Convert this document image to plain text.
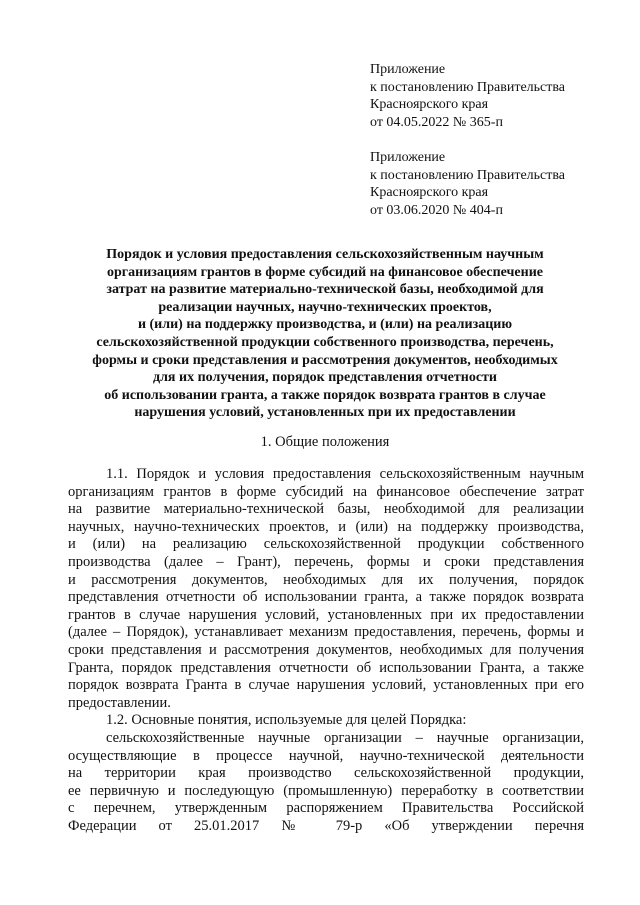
Приложение
к постановлению Правительства
Красноярского края
от 04.05.2022 № 365-п
Приложение
к постановлению Правительства
Красноярского края
от 03.06.2020 № 404-п
Порядок и условия предоставления сельскохозяйственным научным
организациям грантов в форме субсидий на финансовое обеспечение
затрат на развитие материально-технической базы, необходимой для
реализации научных, научно-технических проектов,
и (или) на поддержку производства, и (или) на реализацию
сельскохозяйственной продукции собственного производства, перечень,
формы и сроки представления и рассмотрения документов, необходимых
для их получения, порядок представления отчетности
об использовании гранта, а также порядок возврата грантов в случае
нарушения условий, установленных при их предоставлении
1. Общие положения
1.1. Порядок и условия предоставления сельскохозяйственным научным
организациям грантов в форме субсидий на финансовое обеспечение затрат
на развитие материально-технической базы, необходимой для реализации
научных, научно-технических проектов, и (или) на поддержку производства,
и (или) на реализацию сельскохозяйственной продукции собственного
производства (далее – Грант), перечень, формы и сроки представления
и рассмотрения документов, необходимых для их получения, порядок
представления отчетности об использовании гранта, а также порядок возврата
грантов в случае нарушения условий, установленных при их предоставлении
(далее – Порядок), устанавливает механизм предоставления, перечень, формы и
сроки представления и рассмотрения документов, необходимых для получения
Гранта, порядок представления отчетности об использовании Гранта, а также
порядок возврата Гранта в случае нарушения условий, установленных при его
предоставлении.
1.2. Основные понятия, используемые для целей Порядка:
сельскохозяйственные научные организации – научные организации,
осуществляющие в процессе научной, научно-технической деятельности
на территории края производство сельскохозяйственной продукции,
ее первичную и последующую (промышленную) переработку в соответствии
с перечнем, утвержденным распоряжением Правительства Российской
Федерации от 25.01.2017 № 79-р «Об утверждении перечня
